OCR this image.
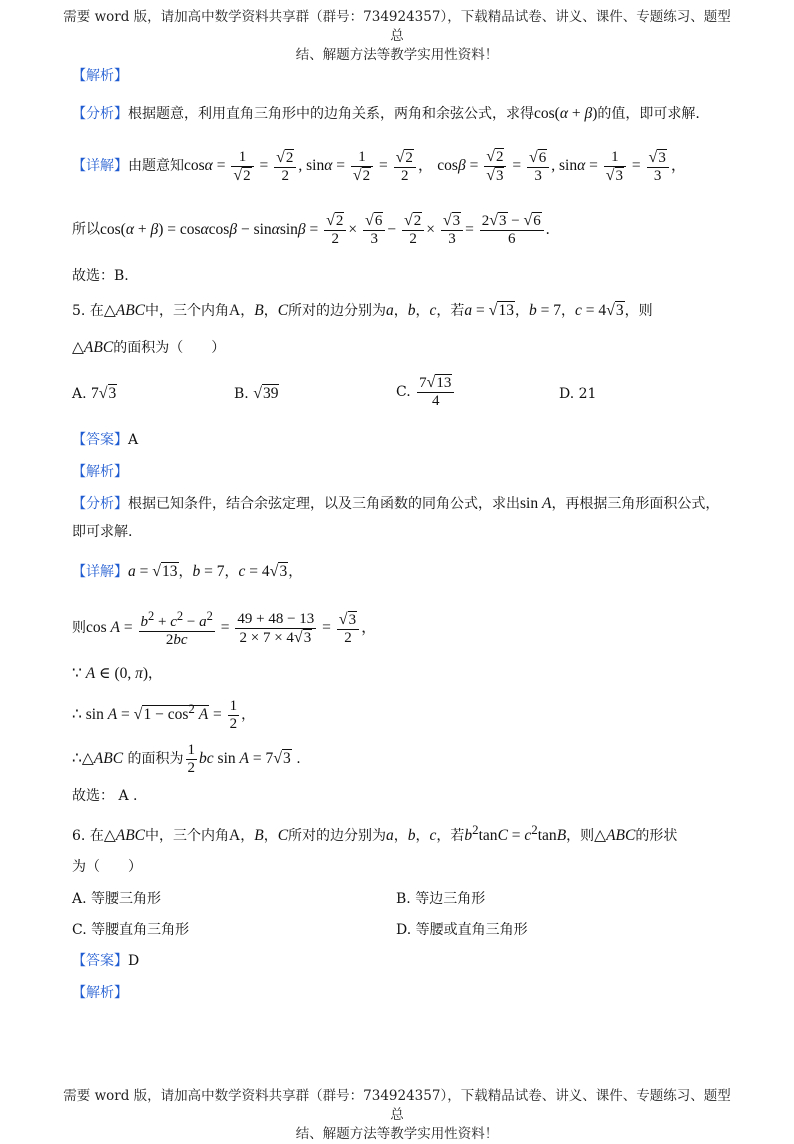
需要 word 版，请加高中数学资料共享群（群号：734924357），下载精品试卷、讲义、课件、专题练习、题型总
结、解题方法等教学实用性资料！
【解析】
【分析】根据题意，利用直角三角形中的边角关系，两角和余弦公式，求得cos(α + β)的值，即可求解.
【详解】由题意知$\cos\alpha = \frac{1}{√2} = \frac{√2}{2}$ , $\sin\alpha = \frac{1}{√2} = \frac{√2}{2}$ ， $\cos\beta = \frac{√2}{√3} = \frac{√6}{3}$ , $\sin\alpha = \frac{1}{√3} = \frac{√3}{3}$ ，
所以$\cos(\alpha + \beta) = \cos\alpha\cos\beta - \sin\alpha\sin\beta = \frac{√2}{2} \times \frac{√6}{3} - \frac{√2}{2} \times \frac{√3}{3} = \frac{2√3 - √6}{6}$ .
故选：B.
5. 在△ABC中，三个内角A，B，C所对的边分别为a，b，c，若a = √13，b = 7，c = 4√3，则
△ABC的面积为（　　）
A. 7√3	B. √39	C. $\frac{7√13}{4}$	D. 21
【答案】A
【解析】
【分析】根据已知条件，结合余弦定理，以及三角函数的同角公式，求出sin A，再根据三角形面积公式，
即可求解.
【详解】a = √13，b = 7，c = 4√3，
则$\cos A = \frac{b^2 + c^2 - a^2}{2bc} = \frac{49 + 48 - 13}{2 \times 7 \times 4√3} = \frac{√3}{2}$ ，
∵ A ∈ (0, π)，
∴ $\sin A = √1 - \cos^2 A = \frac{1}{2}$ ，
∴△ABC 的面积为 $\frac{1}{2}$ bc sin A = 7√3 .
故选： A .
6. 在△ABC中，三个内角A，B，C所对的边分别为a，b，c，若$b^2\tan C = c^2\tan B$，则△ABC的形状
为（　　）
A. 等腰三角形	B. 等边三角形
C. 等腰直角三角形	D. 等腰或直角三角形
【答案】D
【解析】
需要 word 版，请加高中数学资料共享群（群号：734924357），下载精品试卷、讲义、课件、专题练习、题型总
结、解题方法等教学实用性资料！
